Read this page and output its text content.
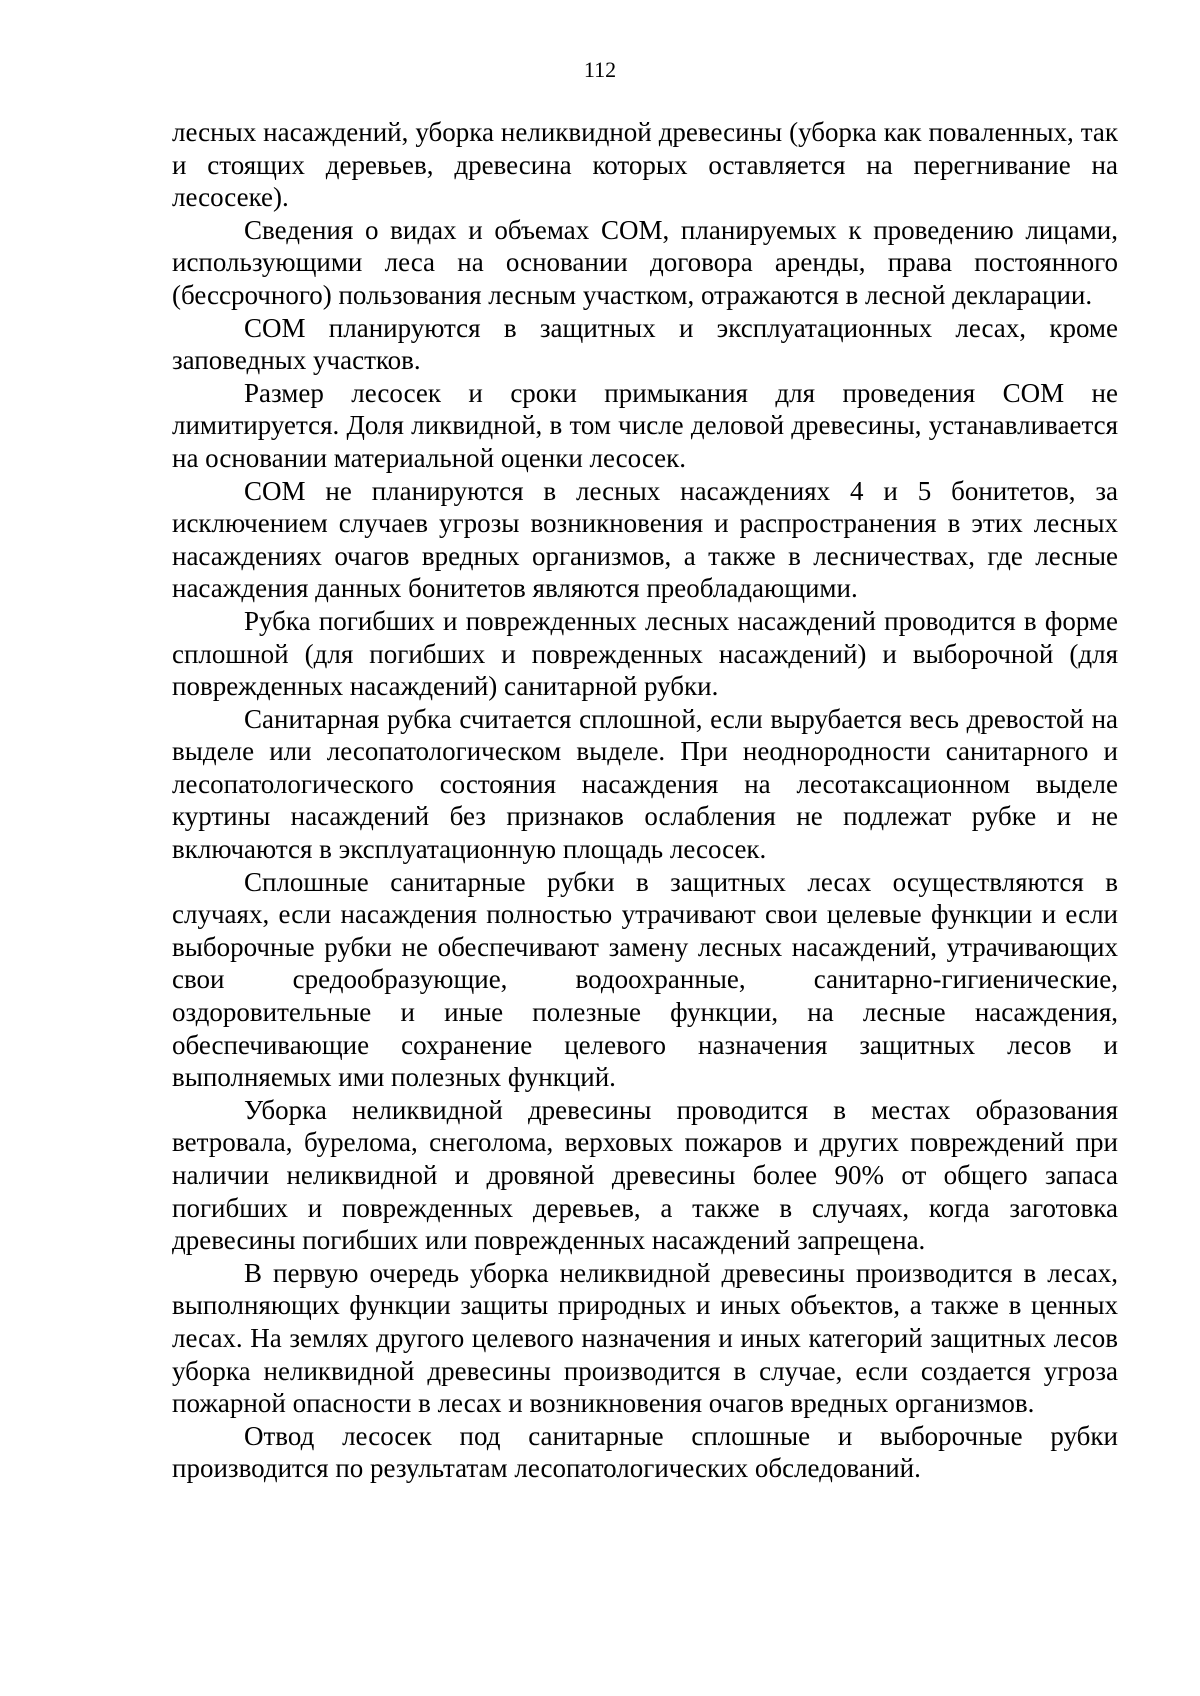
112

лесных насаждений, уборка неликвидной древесины (уборка как поваленных, так и стоящих деревьев, древесина которых оставляется на перегнивание на лесосеке).

Сведения о видах и объемах СОМ, планируемых к проведению лицами, использующими леса на основании договора аренды, права постоянного (бессрочного) пользования лесным участком, отражаются в лесной декларации.

СОМ планируются в защитных и эксплуатационных лесах, кроме заповедных участков.

Размер лесосек и сроки примыкания для проведения СОМ не лимитируется. Доля ликвидной, в том числе деловой древесины, устанавливается на основании материальной оценки лесосек.

СОМ не планируются в лесных насаждениях 4 и 5 бонитетов, за исключением случаев угрозы возникновения и распространения в этих лесных насаждениях очагов вредных организмов, а также в лесничествах, где лесные насаждения данных бонитетов являются преобладающими.

Рубка погибших и поврежденных лесных насаждений проводится в форме сплошной (для погибших и поврежденных насаждений) и выборочной (для поврежденных насаждений) санитарной рубки.

Санитарная рубка считается сплошной, если вырубается весь древостой на выделе или лесопатологическом выделе. При неоднородности санитарного и лесопатологического состояния насаждения на лесотаксационном выделе куртины насаждений без признаков ослабления не подлежат рубке и не включаются в эксплуатационную площадь лесосек.

Сплошные санитарные рубки в защитных лесах осуществляются в случаях, если насаждения полностью утрачивают свои целевые функции и если выборочные рубки не обеспечивают замену лесных насаждений, утрачивающих свои средообразующие, водоохранные, санитарно-гигиенические, оздоровительные и иные полезные функции, на лесные насаждения, обеспечивающие сохранение целевого назначения защитных лесов и выполняемых ими полезных функций.

Уборка неликвидной древесины проводится в местах образования ветровала, бурелома, снеголома, верховых пожаров и других повреждений при наличии неликвидной и дровяной древесины более 90% от общего запаса погибших и поврежденных деревьев, а также в случаях, когда заготовка древесины погибших или поврежденных насаждений запрещена.

В первую очередь уборка неликвидной древесины производится в лесах, выполняющих функции защиты природных и иных объектов, а также в ценных лесах. На землях другого целевого назначения и иных категорий защитных лесов уборка неликвидной древесины производится в случае, если создается угроза пожарной опасности в лесах и возникновения очагов вредных организмов.

Отвод лесосек под санитарные сплошные и выборочные рубки производится по результатам лесопатологических обследований.
